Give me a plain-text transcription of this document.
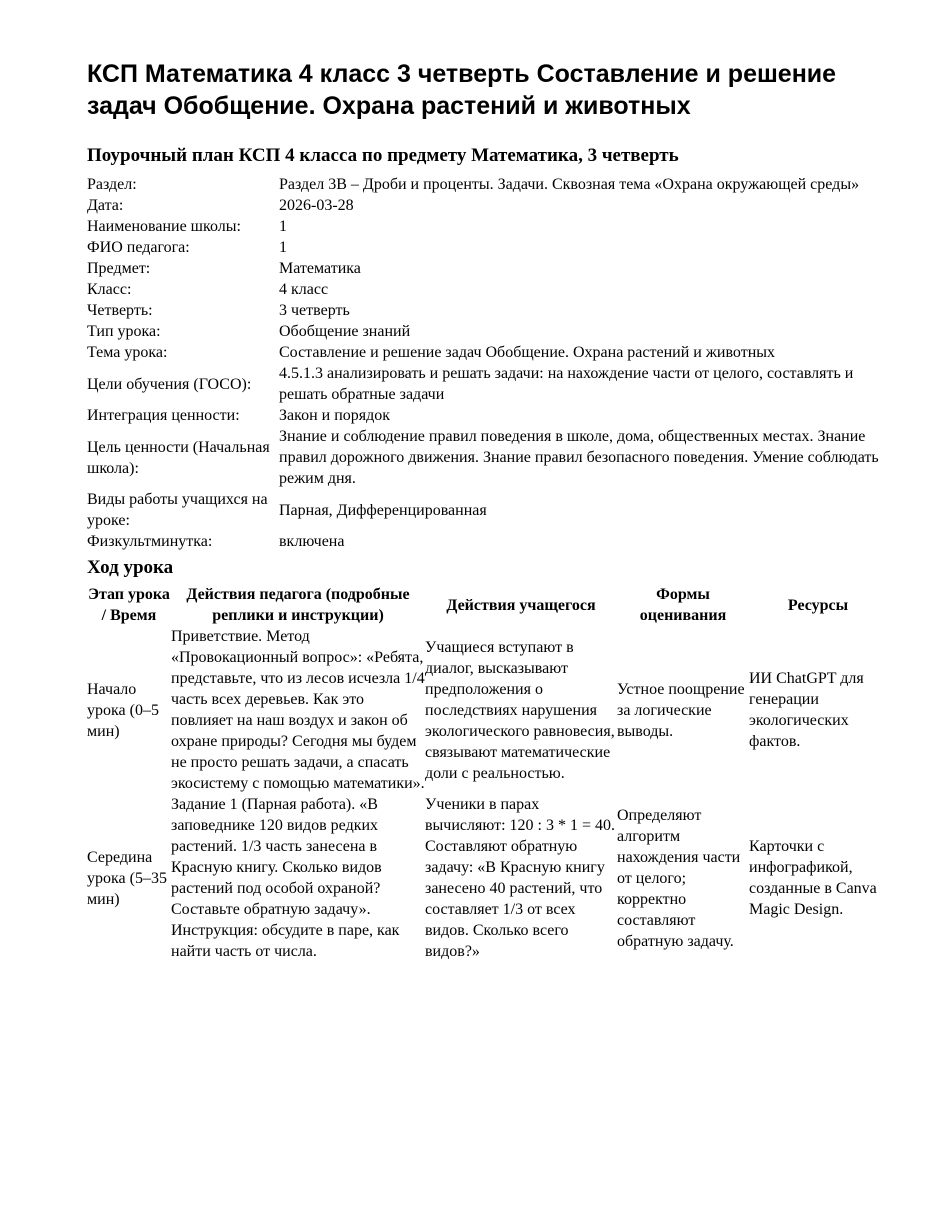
КСП Математика 4 класс 3 четверть Составление и решение задач Обобщение. Охрана растений и животных
Поурочный план КСП 4 класса по предмету Математика, 3 четверть
Раздел:	Раздел 3В – Дроби и проценты. Задачи. Сквозная тема «Охрана окружающей среды»
Дата:	2026-03-28
Наименование школы:	1
ФИО педагога:	1
Предмет:	Математика
Класс:	4 класс
Четверть:	3 четверть
Тип урока:	Обобщение знаний
Тема урока:	Составление и решение задач Обобщение. Охрана растений и животных
Цели обучения (ГОСО):	4.5.1.3 анализировать и решать задачи: на нахождение части от целого, составлять и решать обратные задачи
Интеграция ценности:	Закон и порядок
Цель ценности (Начальная школа):	Знание и соблюдение правил поведения в школе, дома, общественных местах. Знание правил дорожного движения. Знание правил безопасного поведения. Умение соблюдать режим дня.
Виды работы учащихся на уроке:	Парная, Дифференцированная
Физкультминутка:	включена
Ход урока
Этап урока / Время	Действия педагога (подробные реплики и инструкции)	Действия учащегося	Формы оценивания	Ресурсы
Начало урока (0–5 мин)	Приветствие. Метод «Провокационный вопрос»: «Ребята, представьте, что из лесов исчезла 1/4 часть всех деревьев. Как это повлияет на наш воздух и закон об охране природы? Сегодня мы будем не просто решать задачи, а спасать экосистему с помощью математики».	Учащиеся вступают в диалог, высказывают предположения о последствиях нарушения экологического равновесия, связывают математические доли с реальностью.	Устное поощрение за логические выводы.	ИИ ChatGPT для генерации экологических фактов.
Середина урока (5–35 мин)	Задание 1 (Парная работа). «В заповеднике 120 видов редких растений. 1/3 часть занесена в Красную книгу. Сколько видов растений под особой охраной? Составьте обратную задачу». Инструкция: обсудите в паре, как найти часть от числа.	Ученики в парах вычисляют: 120 : 3 * 1 = 40. Составляют обратную задачу: «В Красную книгу занесено 40 растений, что составляет 1/3 от всех видов. Сколько всего видов?»	Определяют алгоритм нахождения части от целого; корректно составляют обратную задачу.	Карточки с инфографикой, созданные в Canva Magic Design.
